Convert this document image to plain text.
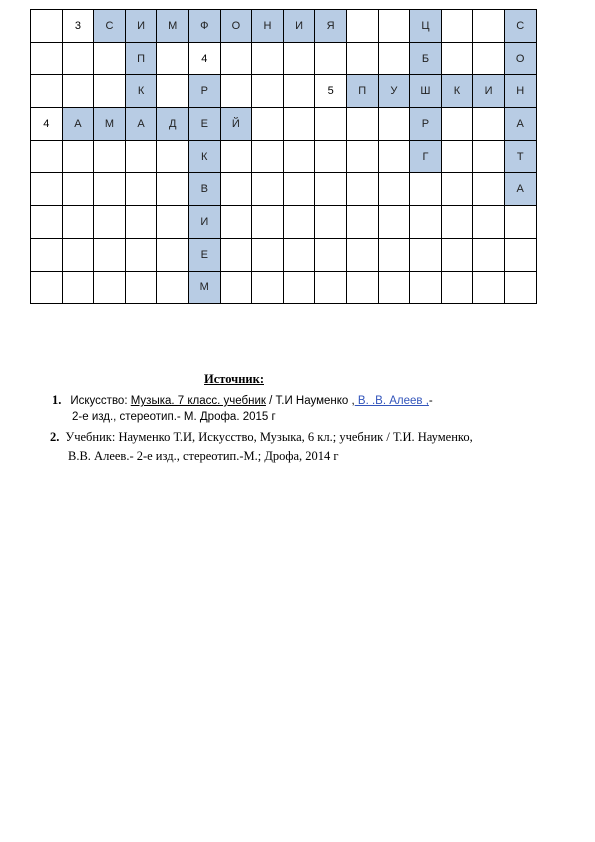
	3	С	И	М	Ф	О	Н	И	Я			Ц			С
			П		4							Б			О
			К		Р				5	П	У	Ш	К	И	Н
4	А	М	А	Д	Е	Й						Р			А
					К							Г			Т
					В										А
					И										
					Е										
					М										
Источник:
1. Искусство: Музыка. 7 класс. учебник / Т.И Науменко , В. .В. Алеев ,-
2-е изд., стереотип.- М. Дрофа. 2015 г
2. Учебник: Науменко Т.И, Искусство, Музыка, 6 кл.; учебник / Т.И. Науменко,
В.В. Алеев.- 2-е изд., стереотип.-М.; Дрофа, 2014 г
